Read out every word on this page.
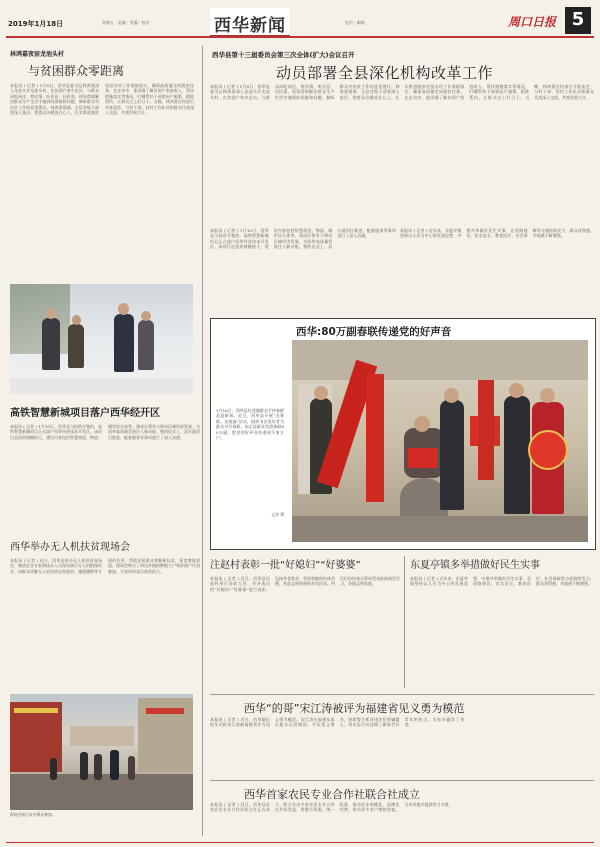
2019年1月18日	星期五 · 责编 · 美编 · 校对	西华新闻	电话 · 邮箱	周口日报 5
林鸿嘉夜宿龙池头村
与贫困群众零距离
本报讯 ( 记者 ) 1月8日，西华县委书记林鸿嘉深入龙池头乡龙池头村，在贫困户家中走访，与群众同吃同住，察民情、听民意、问民需，现场帮助解决群众生产生活中遇到的困难和问题，倾听群众对扶贫工作的意见建议。林鸿嘉强调，全县各级干部要深入基层，把群众冷暖放在心上，扎实推进脱贫攻坚各项工作落细落实，确保高质量完成脱贫任务。在走访中，他详细了解贫困户家庭收入、帮扶措施落实等情况，叮嘱帮扶干部要因户施策，精准帮扶，让群众过上好日子。当晚，林鸿嘉在村部召开座谈会，与村干部、驻村工作队员和群众代表深入交流，共商发展大计。
高铁智慧新城项目落户西华经开区
本报讯 ( 记者 ) 1月10日，西华县与投资方签约，高铁智慧新城项目正式落户西华经济技术开发区。该项目总投资规模较大，建设内容包括智慧商贸、物流、城市综合体等，建成后将有力带动区域经济发展，为西华高质量发展注入新动能。签约仪式上，双方就项目推进、配套服务等事项进行了深入沟通。
西华举办无人机扶贫现场会
本报讯 ( 记者 ) 近日，西华县举办无人机扶贫现场会，邀请农业专家和技术人员现场演示无人机植保作业，向群众讲解无人机在病虫害防治、施肥播种等方面的应用，帮助贫困群众掌握新技术，拓宽增收渠道。现场会吸引了周边乡镇的种植大户和贫困户代表参加，大家纷纷表示收获很大。
现场会吸引众多群众参加。
西华县第十三届委员会第三次全体(扩大)会议召开
动员部署全县深化机构改革工作
本报讯 ( 记者 ) 1月8日，西华县委书记林鸿嘉深入龙池头乡龙池头村，在贫困户家中走访，与群众同吃同住，察民情、听民意、问民需，现场帮助解决群众生产生活中遇到的困难和问题，倾听群众对扶贫工作的意见建议。林鸿嘉强调，全县各级干部要深入基层，把群众冷暖放在心上，扎实推进脱贫攻坚各项工作落细落实，确保高质量完成脱贫任务。在走访中，他详细了解贫困户家庭收入、帮扶措施落实等情况，叮嘱帮扶干部要因户施策，精准帮扶，让群众过上好日子。当晚，林鸿嘉在村部召开座谈会，与村干部、驻村工作队员和群众代表深入交流，共商发展大计。
本报讯 ( 记者 ) 1月10日，西华县与投资方签约，高铁智慧新城项目正式落户西华经济技术开发区。该项目总投资规模较大，建设内容包括智慧商贸、物流、城市综合体等，建成后将有力带动区域经济发展，为西华高质量发展注入新动能。签约仪式上，双方就项目推进、配套服务等事项进行了深入沟通。
本报讯 ( 记者 ) 近年来，东夏亭镇坚持以人民为中心的发展思想，多措并举做好民生实事，在道路建设、饮水安全、教育医疗、社会保障等方面持续发力，群众获得感、幸福感不断增强。
西华:80万副春联传递党的好声音
1月16日，西华县红花镇群众手持春联喜迎新春。近日，西华县开展“送春联、送祝福”活动，组织书法爱好者为群众书写春联，向全县群众发放春联80万副，把党的好声音传递到千家万户。
记者 摄
注赵村表彰一批“好媳妇”“好婆婆”
本报讯 ( 记者 ) 近日，西华县注赵村举行表彰大会，对评选出的“好媳妇”“好婆婆”进行表彰，弘扬孝老爱亲、邻里和睦的传统美德，营造文明和谐的乡风民风。村民们纷纷表示要向受表彰的典型学习，争做文明家庭。
东夏亭镇多举措做好民生实事
本报讯 ( 记者 ) 近年来，东夏亭镇坚持以人民为中心的发展思想，多措并举做好民生实事，在道路建设、饮水安全、教育医疗、社会保障等方面持续发力，群众获得感、幸福感不断增强。
西华“的哥”宋江涛被评为福建省见义勇为模范
本报讯 ( 记者 ) 近日，西华籍出租车司机宋江涛被福建省评为见义勇为模范。宋江涛在福建从事出租车运营期间，多次见义勇为，协助警方抓获违法犯罪嫌疑人，用实际行动诠释了新时代好青年的担当，为家乡赢得了荣誉。
西华首家农民专业合作社联合社成立
本报讯 ( 记者 ) 近日，西华县首家农民专业合作社联合社正式成立。联合社由多家农民专业合作社共同发起，将整合资源、统一标准，推动农业规模化、品牌化经营，带动更多农户增收致富，为乡村振兴提供有力支撑。
